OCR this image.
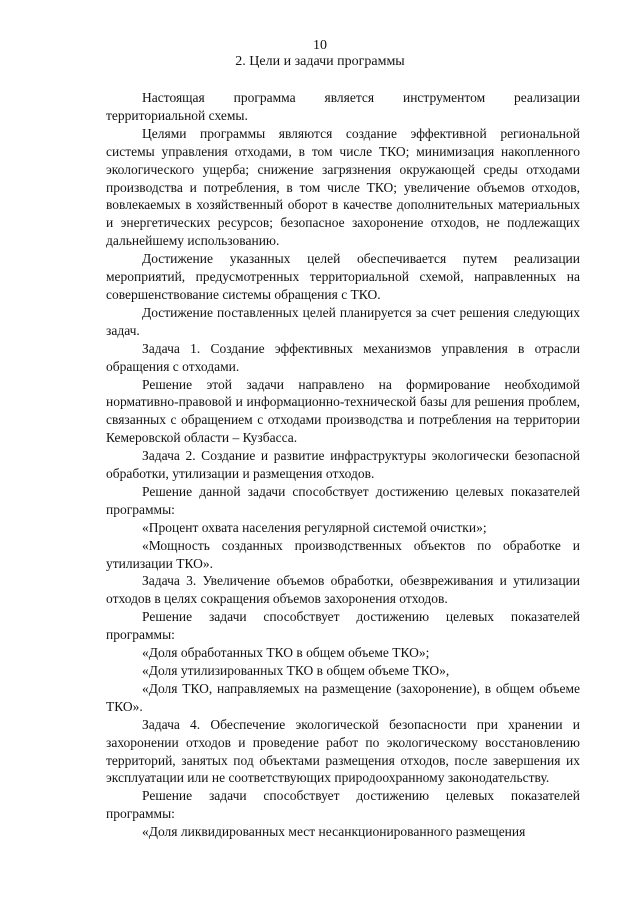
10
2. Цели и задачи программы

Настоящая программа является инструментом реализации территориальной схемы.

Целями программы являются создание эффективной региональной системы управления отходами, в том числе ТКО; минимизация накопленного экологического ущерба; снижение загрязнения окружающей среды отходами производства и потребления, в том числе ТКО; увеличение объемов отходов, вовлекаемых в хозяйственный оборот в качестве дополнительных материальных и энергетических ресурсов; безопасное захоронение отходов, не подлежащих дальнейшему использованию.

Достижение указанных целей обеспечивается путем реализации мероприятий, предусмотренных территориальной схемой, направленных на совершенствование системы обращения с ТКО.

Достижение поставленных целей планируется за счет решения следующих задач.

Задача 1. Создание эффективных механизмов управления в отрасли обращения с отходами.

Решение этой задачи направлено на формирование необходимой нормативно-правовой и информационно-технической базы для решения проблем, связанных с обращением с отходами производства и потребления на территории Кемеровской области – Кузбасса.

Задача 2. Создание и развитие инфраструктуры экологически безопасной обработки, утилизации и размещения отходов.

Решение данной задачи способствует достижению целевых показателей программы:

«Процент охвата населения регулярной системой очистки»;

«Мощность созданных производственных объектов по обработке и утилизации ТКО».

Задача 3. Увеличение объемов обработки, обезвреживания и утилизации отходов в целях сокращения объемов захоронения отходов.

Решение задачи способствует достижению целевых показателей программы:

«Доля обработанных ТКО в общем объеме ТКО»;

«Доля утилизированных ТКО в общем объеме ТКО»,

«Доля ТКО, направляемых на размещение (захоронение), в общем объеме ТКО».

Задача 4. Обеспечение экологической безопасности при хранении и захоронении отходов и проведение работ по экологическому восстановлению территорий, занятых под объектами размещения отходов, после завершения их эксплуатации или не соответствующих природоохранному законодательству.

Решение задачи способствует достижению целевых показателей программы:

«Доля ликвидированных мест несанкционированного размещения
